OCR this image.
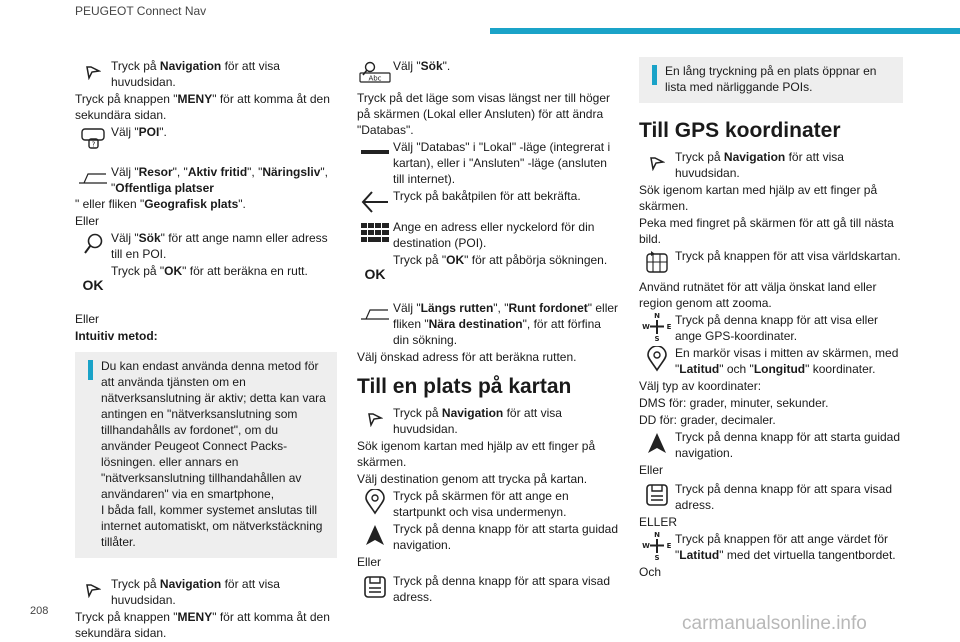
PEUGEOT Connect Nav
Tryck på Navigation för att visa huvudsidan.
Tryck på knappen "MENY" för att komma åt den sekundära sidan.
?
Välj "POI".
Välj "Resor", "Aktiv fritid", "Näringsliv", "Offentliga platser
" eller fliken "Geografisk plats".
Eller
Välj "Sök" för att ange namn eller adress till en POI.
OK
Tryck på "OK" för att beräkna en rutt.
Eller
Intuitiv metod:
Du kan endast använda denna metod för att använda tjänsten om en nätverksanslutning är aktiv; detta kan vara antingen en "nätverksanslutning som tillhandahålls av fordonet", om du använder Peugeot Connect Packs-lösningen. eller annars en "nätverksanslutning tillhandahållen av användaren" via en smartphone,
I båda fall, kommer systemet anslutas till internet automatiskt, om nätverkstäckning tillåter.
Tryck på Navigation för att visa huvudsidan.
Tryck på knappen "MENY" för att komma åt den sekundära sidan.
Abc
Välj "Sök".
Tryck på det läge som visas längst ner till höger på skärmen (Lokal eller Ansluten) för att ändra "Databas".
Välj "Databas" i "Lokal" -läge (integrerat i kartan), eller i "Ansluten" -läge (ansluten till internet).
Tryck på bakåtpilen för att bekräfta.
Ange en adress eller nyckelord för din destination (POI).
OK
Tryck på "OK" för att påbörja sökningen.
Välj "Längs rutten", "Runt fordonet" eller fliken "Nära destination", för att förfina din sökning.
Välj önskad adress för att beräkna rutten.
Till en plats på kartan
Tryck på Navigation för att visa huvudsidan.
Sök igenom kartan med hjälp av ett finger på skärmen.
Välj destination genom att trycka på kartan.
Tryck på skärmen för att ange en startpunkt och visa undermenyn.
Tryck på denna knapp för att starta guidad navigation.
Eller
Tryck på denna knapp för att spara visad adress.
En lång tryckning på en plats öppnar en lista med närliggande POIs.
Till GPS koordinater
Tryck på Navigation för att visa huvudsidan.
Sök igenom kartan med hjälp av ett finger på skärmen.
Peka med fingret på skärmen för att gå till nästa bild.
Tryck på knappen för att visa världskartan.
Använd rutnätet för att välja önskat land eller region genom att zooma.
N
S
W E Tryck på denna knapp för att visa eller ange GPS-koordinater.
En markör visas i mitten av skärmen, med "Latitud" och "Longitud" koordinater.
Välj typ av koordinater:
DMS för: grader, minuter, sekunder.
DD för: grader, decimaler.
Tryck på denna knapp för att starta guidad navigation.
Eller
Tryck på denna knapp för att spara visad adress.
ELLER
N
S
W E Tryck på knappen för att ange värdet för "Latitud" med det virtuella tangentbordet.
Och
208
carmanualsonline.info
